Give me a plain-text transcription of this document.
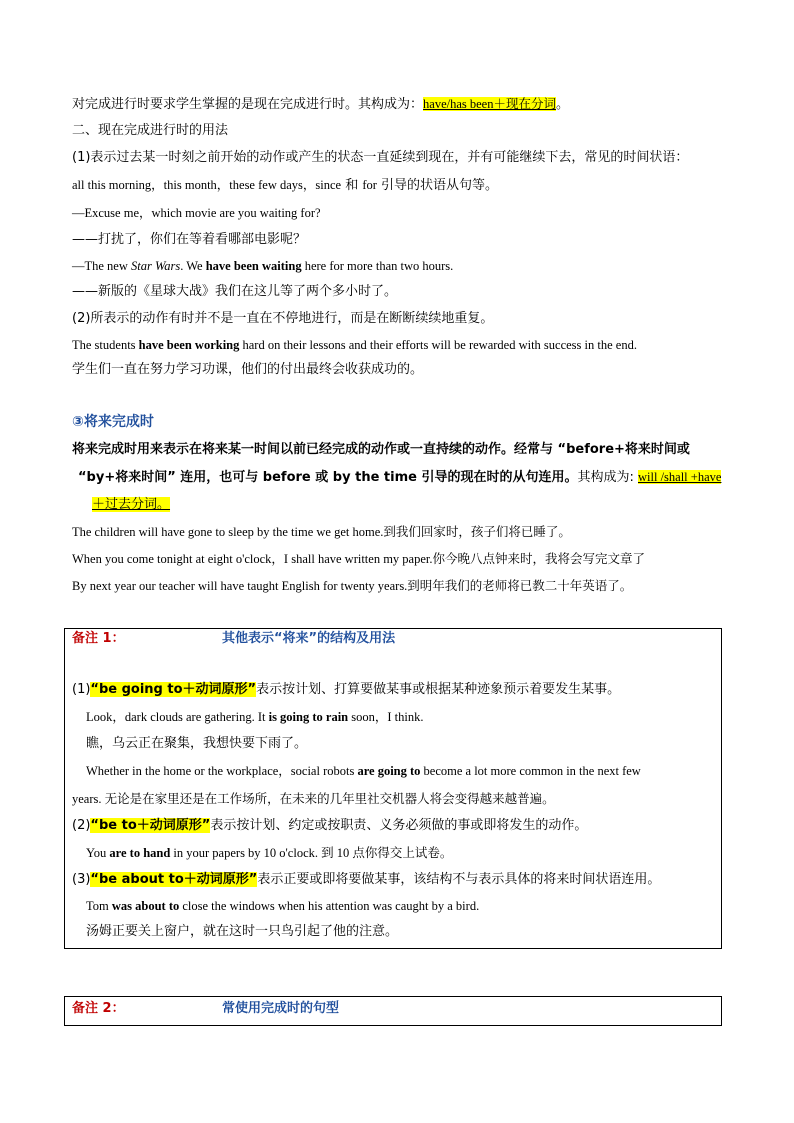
对完成进行时要求学生掌握的是现在完成进行时。其构成为：have/has been＋现在分词。
二、现在完成进行时的用法
(1)表示过去某一时刻之前开始的动作或产生的状态一直延续到现在，并有可能继续下去，常见的时间状语：
all this morning，this month，these few days，since 和 for 引导的状语从句等。
—Excuse me，which movie are you waiting for?
——打扰了，你们在等着看哪部电影呢？
—The new Star Wars. We have been waiting here for more than two hours.
——新版的《星球大战》我们在这儿等了两个多小时了。
(2)所表示的动作有时并不是一直在不停地进行，而是在断断续续地重复。
The students have been working hard on their lessons and their efforts will be rewarded with success in the end.
学生们一直在努力学习功课，他们的付出最终会收获成功的。
③将来完成时
将来完成时用来表示在将来某一时间以前已经完成的动作或一直持续的动作。经常与 “before+将来时间或
“by+将来时间” 连用，也可与 before 或 by the time 引导的现在时的从句连用。其构成为: will /shall +have
＋过去分词。
The children will have gone to sleep by the time we get home.到我们回家时，孩子们将已睡了。
When you come tonight at eight o'clock，I shall have written my paper.你今晚八点钟来时，我将会写完文章了
By next year our teacher will have taught English for twenty years.到明年我们的老师将已教二十年英语了。
备注 1：	其他表示“将来”的结构及用法
(1)“be going to＋动词原形”表示按计划、打算要做某事或根据某种迹象预示着要发生某事。
Look，dark clouds are gathering. It is going to rain soon，I think.
瞧，乌云正在聚集，我想快要下雨了。
Whether in the home or the workplace，social robots are going to become a lot more common in the next few
years. 无论是在家里还是在工作场所，在未来的几年里社交机器人将会变得越来越普遍。
(2)“be to＋动词原形”表示按计划、约定或按职责、义务必须做的事或即将发生的动作。
You are to hand in your papers by 10 o'clock. 到 10 点你得交上试卷。
(3)“be about to＋动词原形”表示正要或即将要做某事，该结构不与表示具体的将来时间状语连用。
Tom was about to close the windows when his attention was caught by a bird.
汤姆正要关上窗户，就在这时一只鸟引起了他的注意。
备注 2：	常使用完成时的句型
